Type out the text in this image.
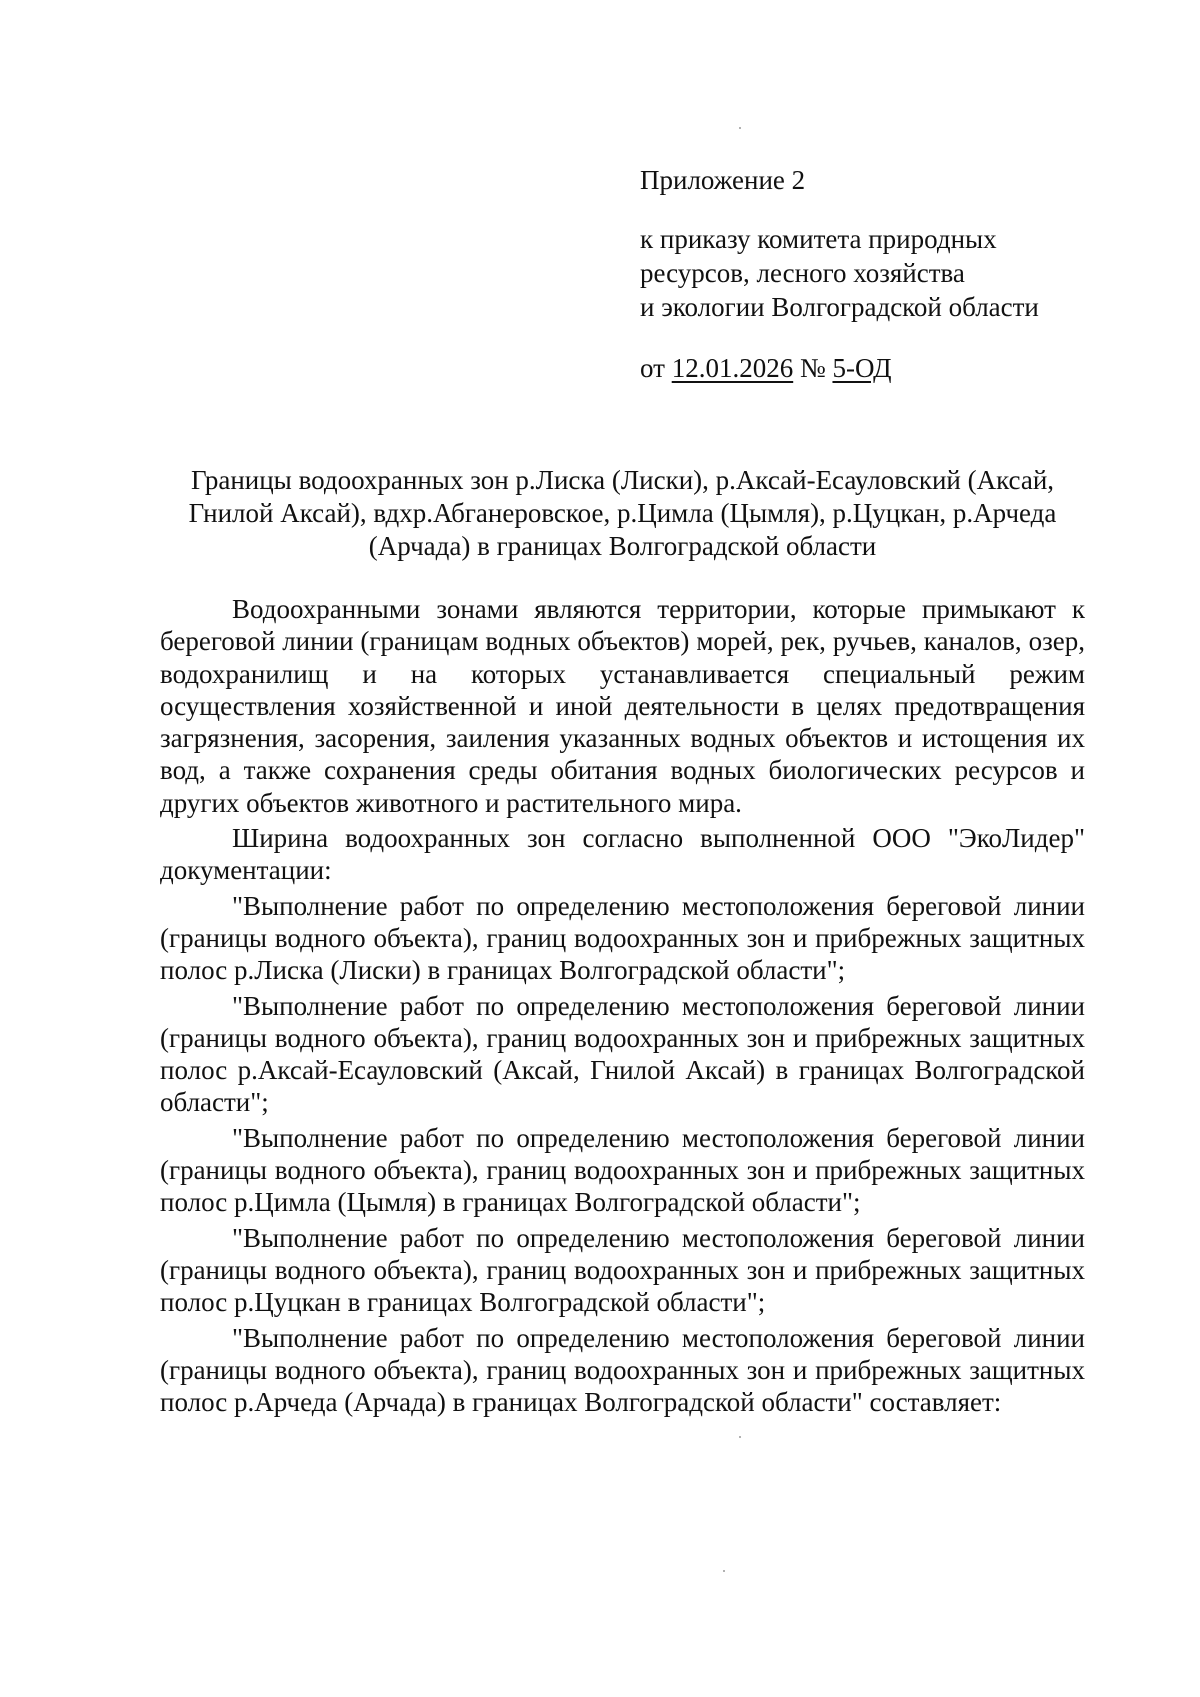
Приложение 2
к приказу комитета природных
ресурсов, лесного хозяйства
и экологии Волгоградской области
от 12.01.2026 № 5-ОД
Границы водоохранных зон р.Лиска (Лиски), р.Аксай-Есауловский (Аксай,
Гнилой Аксай), вдхр.Абганеровское, р.Цимла (Цымля), р.Цуцкан, р.Арчеда
(Арчада) в границах Волгоградской области

Водоохранными зонами являются территории, которые примыкают к береговой линии (границам водных объектов) морей, рек, ручьев, каналов, озер, водохранилищ и на которых устанавливается специальный режим осуществления хозяйственной и иной деятельности в целях предотвращения загрязнения, засорения, заиления указанных водных объектов и истощения их вод, а также сохранения среды обитания водных биологических ресурсов и других объектов животного и растительного мира.

Ширина водоохранных зон согласно выполненной ООО "ЭкоЛидер" документации:

"Выполнение работ по определению местоположения береговой линии (границы водного объекта), границ водоохранных зон и прибрежных защитных полос р.Лиска (Лиски) в границах Волгоградской области";

"Выполнение работ по определению местоположения береговой линии (границы водного объекта), границ водоохранных зон и прибрежных защитных полос р.Аксай-Есауловский (Аксай, Гнилой Аксай) в границах Волгоградской области";

"Выполнение работ по определению местоположения береговой линии (границы водного объекта), границ водоохранных зон и прибрежных защитных полос р.Цимла (Цымля) в границах Волгоградской области";

"Выполнение работ по определению местоположения береговой линии (границы водного объекта), границ водоохранных зон и прибрежных защитных полос р.Цуцкан в границах Волгоградской области";

"Выполнение работ по определению местоположения береговой линии (границы водного объекта), границ водоохранных зон и прибрежных защитных полос р.Арчеда (Арчада) в границах Волгоградской области" составляет:
